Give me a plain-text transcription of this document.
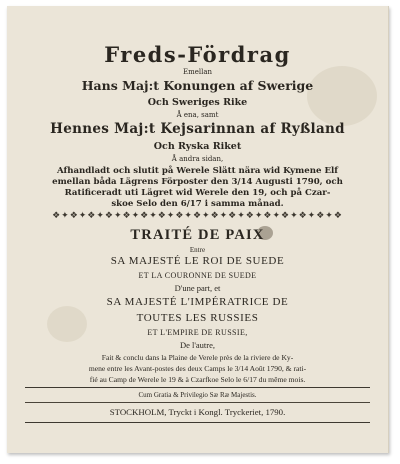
Freds-Fördrag
Emellan
Hans Maj:t Konungen af Swerige
Och Sweriges Rike
Å ena, samt
Hennes Maj:t Kejsarinnan af Ryßland
Och Ryska Riket
Å andra sidan,
Afhandladt och slutit på Werele Slätt nära wid Kymene Elf
emellan båda Lägrens Förposter den 3/14 Augusti 1790, och
Ratificeradt uti Lägret wid Werele den 19, och på Czar-
skoe Selo den 6/17 i samma månad.
❖✦❖✦❖✦❖✦❖✦❖✦❖✦❖✦❖✦❖✦❖✦❖✦❖✦❖✦❖✦❖✦❖
TRAITÉ DE PAIX
Entre
SA MAJESTÉ LE ROI DE SUEDE
ET LA COURONNE DE SUEDE
D'une part, et
SA MAJESTÉ L'IMPÉRATRICE DE
TOUTES LES RUSSIES
ET L'EMPIRE DE RUSSIE,
De l'autre,
Fait & conclu dans la Plaine de Verele près de la riviere de Ky-
mene entre les Avant-postes des deux Camps le 3/14 Août 1790, & rati-
fié au Camp de Werele le 19 & à Czarfkoe Selo le 6/17 du même mois.
Cum Gratia & Privilegio Sæ Ræ Majestis.
STOCKHOLM, Tryckt i Kongl. Tryckeriet, 1790.
